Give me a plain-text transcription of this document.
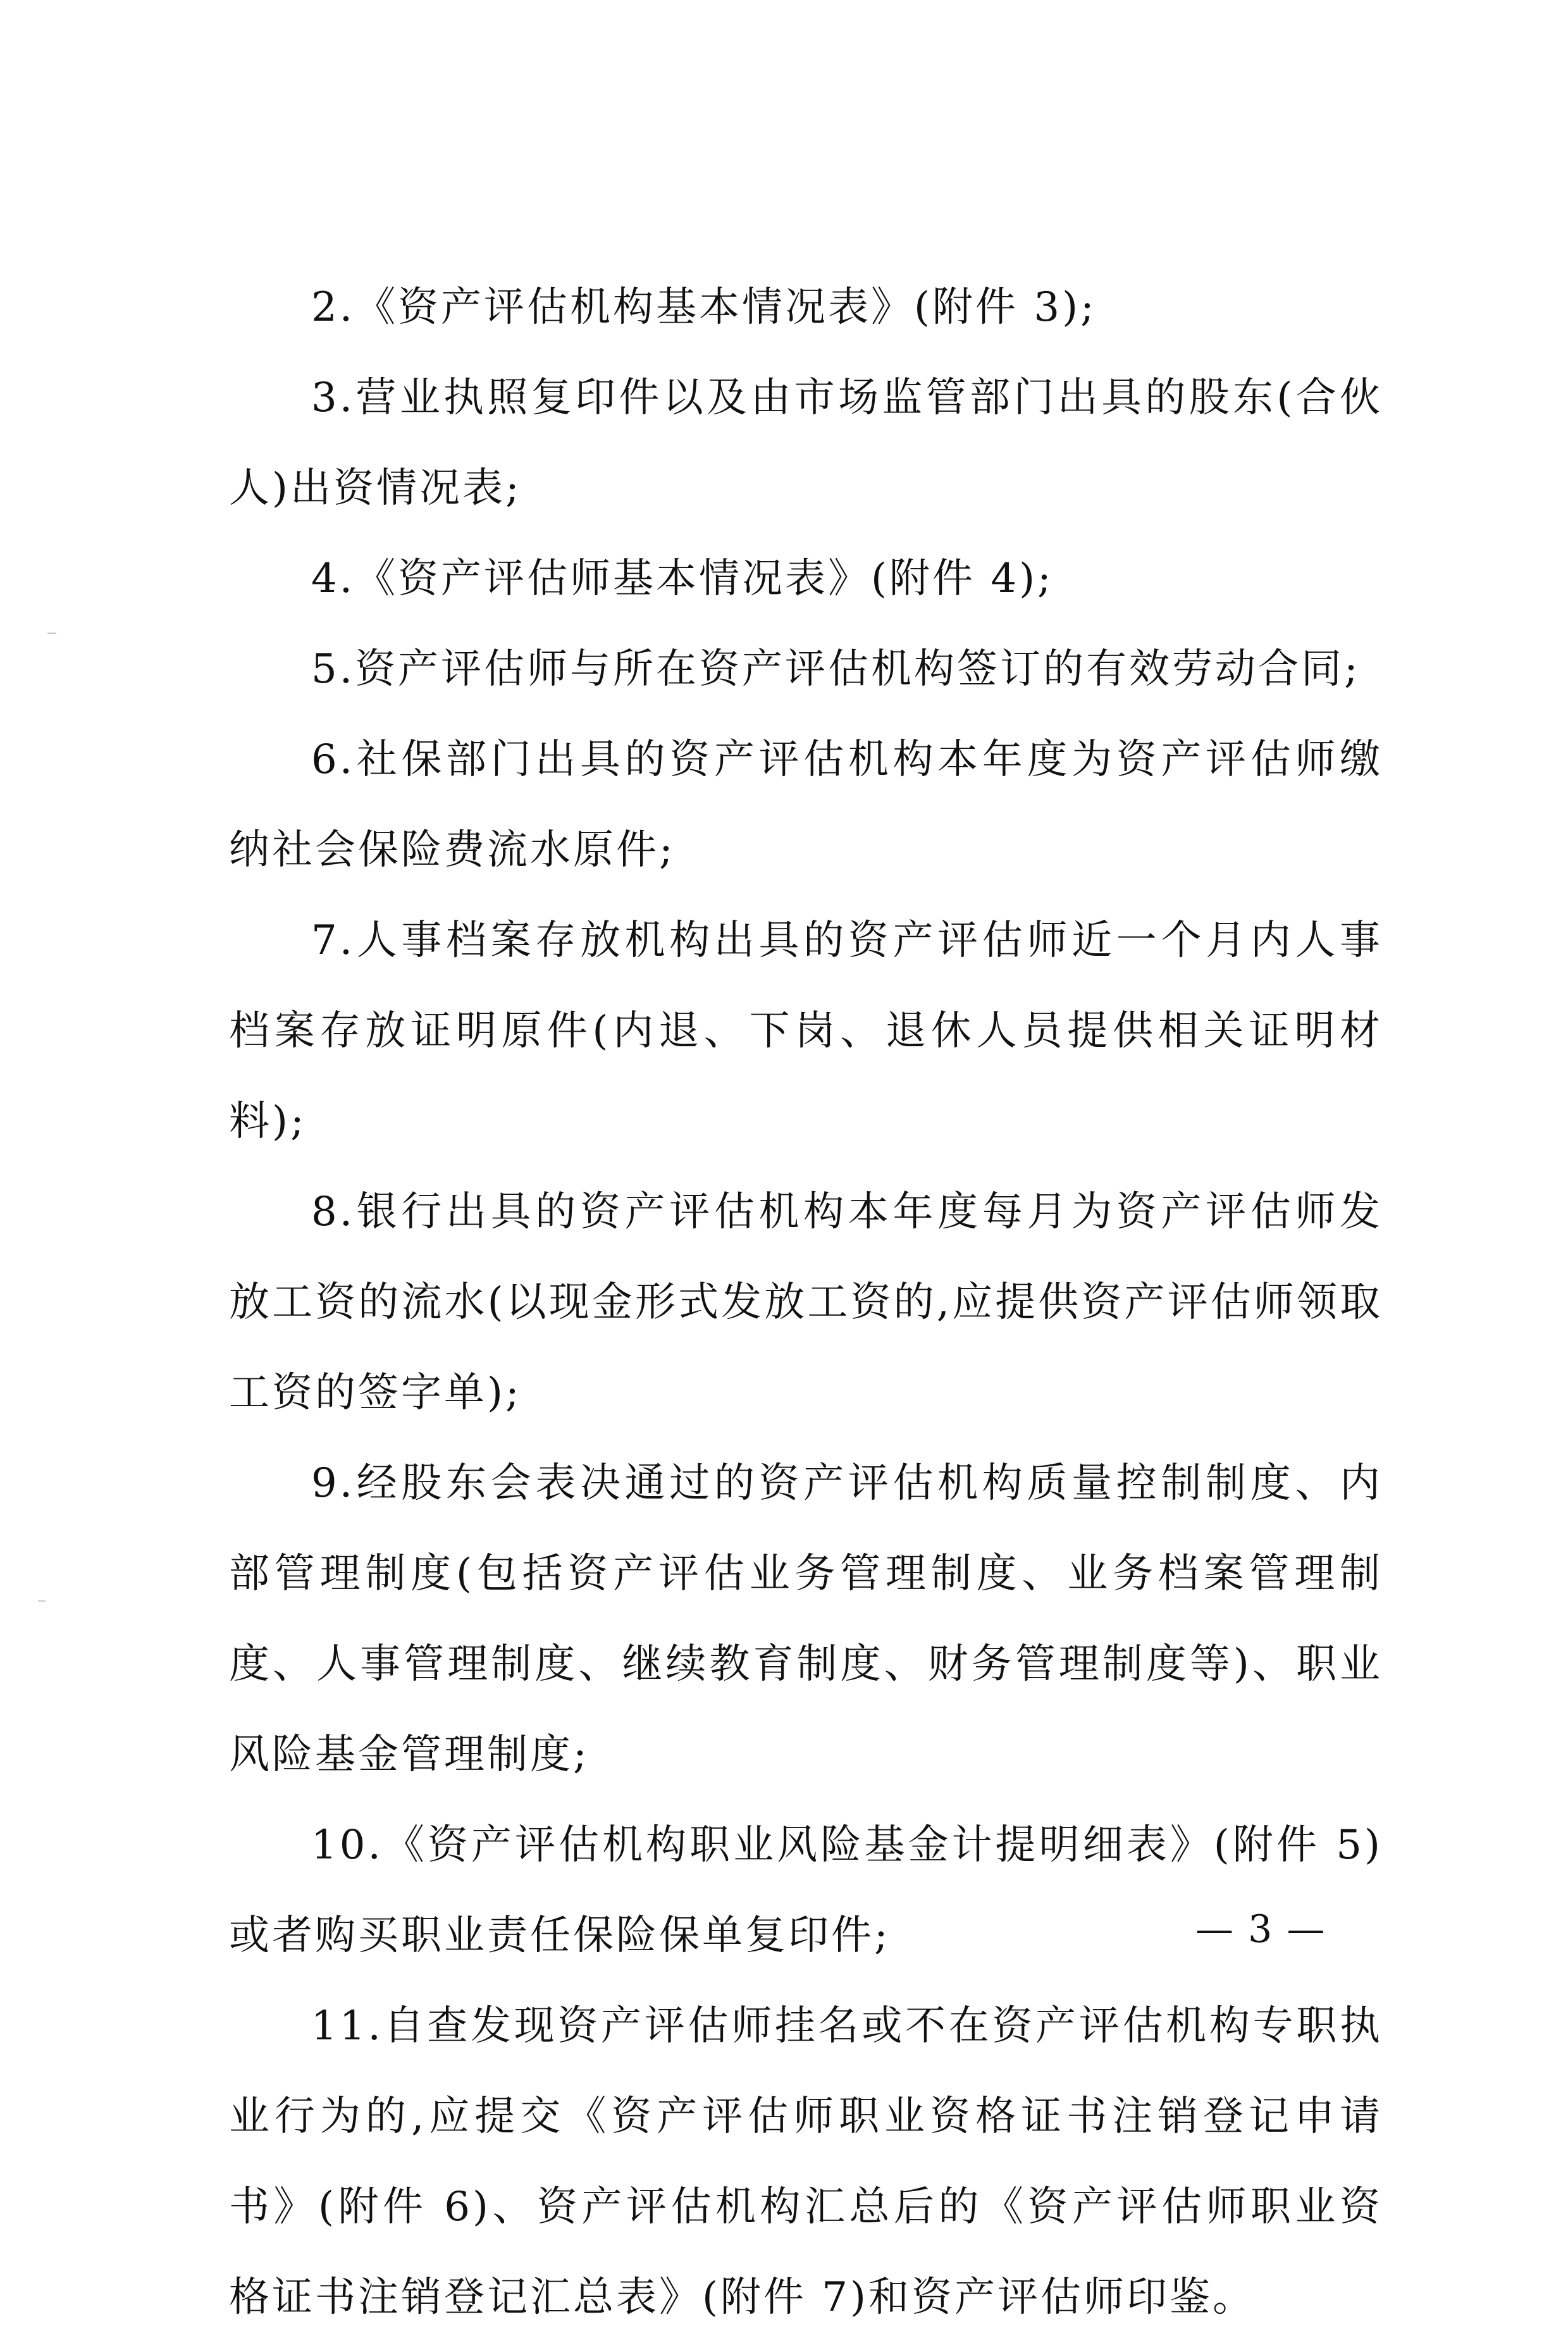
2.《资产评估机构基本情况表》(附件 3);

3.营业执照复印件以及由市场监管部门出具的股东(合伙人)出资情况表;

4.《资产评估师基本情况表》(附件 4);

5.资产评估师与所在资产评估机构签订的有效劳动合同;

6.社保部门出具的资产评估机构本年度为资产评估师缴纳社会保险费流水原件;

7.人事档案存放机构出具的资产评估师近一个月内人事档案存放证明原件(内退、下岗、退休人员提供相关证明材料);

8.银行出具的资产评估机构本年度每月为资产评估师发放工资的流水(以现金形式发放工资的,应提供资产评估师领取工资的签字单);

9.经股东会表决通过的资产评估机构质量控制制度、内部管理制度(包括资产评估业务管理制度、业务档案管理制度、人事管理制度、继续教育制度、财务管理制度等)、职业风险基金管理制度;

10.《资产评估机构职业风险基金计提明细表》(附件 5)或者购买职业责任保险保单复印件;

11.自查发现资产评估师挂名或不在资产评估机构专职执业行为的,应提交《资产评估师职业资格证书注销登记申请书》(附件 6)、资产评估机构汇总后的《资产评估师职业资格证书注销登记汇总表》(附件 7)和资产评估师印鉴。

— 3 —
